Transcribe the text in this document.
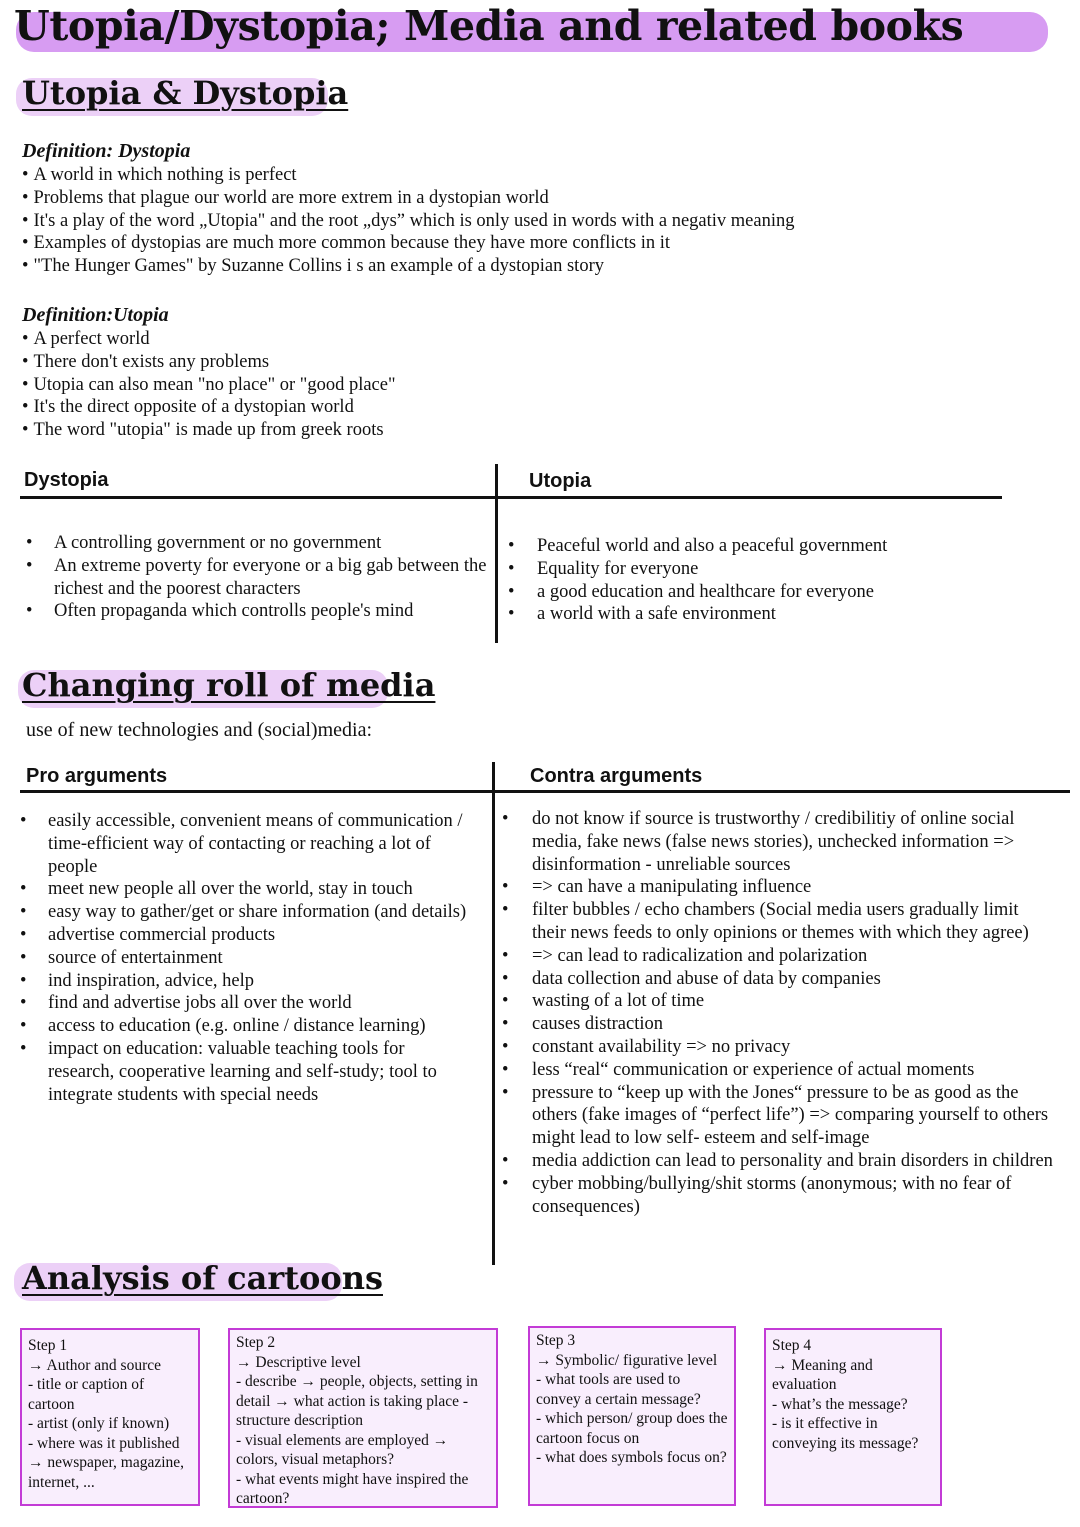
Utopia/Dystopia; Media and related books
Utopia & Dystopia
Definition: Dystopia
• A world in which nothing is perfect
• Problems that plague our world are more extrem in a dystopian world
• It's a play of the word „Utopia" and the root „dys” which is only used in words with a negativ meaning
• Examples of dystopias are much more common because they have more conflicts in it
• "The Hunger Games" by Suzanne Collins i s an example of a dystopian story
Definition:Utopia
• A perfect world
• There don't exists any problems
• Utopia can also mean "no place" or "good place"
• It's the direct opposite of a dystopian world
• The word "utopia" is made up from greek roots
Dystopia	Utopia
• A controlling government or no government
• An extreme poverty for everyone or a big gab between the richest and the poorest characters
• Often propaganda which controlls people's mind
• Peaceful world and also a peaceful government
• Equality for everyone
• a good education and healthcare for everyone
• a world with a safe environment
Changing roll of media
use of new technologies and (social)media:
Pro arguments	Contra arguments
• easily accessible, convenient means of communication / time-efficient way of contacting or reaching a lot of people
• meet new people all over the world, stay in touch
• easy way to gather/get or share information (and details)
• advertise commercial products
• source of entertainment
• ind inspiration, advice, help
• find and advertise jobs all over the world
• access to education (e.g. online / distance learning)
• impact on education: valuable teaching tools for research, cooperative learning and self-study; tool to integrate students with special needs
• do not know if source is trustworthy / credibilitiy of online social media, fake news (false news stories), unchecked information => disinformation - unreliable sources
• => can have a manipulating influence
• filter bubbles / echo chambers (Social media users gradually limit their news feeds to only opinions or themes with which they agree)
• => can lead to radicalization and polarization
• data collection and abuse of data by companies
• wasting of a lot of time
• causes distraction
• constant availability => no privacy
• less “real“ communication or experience of actual moments
• pressure to “keep up with the Jones“ pressure to be as good as the others (fake images of “perfect life”) => comparing yourself to others might lead to low self- esteem and self-image
• media addiction can lead to personality and brain disorders in children
• cyber mobbing/bullying/shit storms (anonymous; with no fear of consequences)
Analysis of cartoons
Step 1
→ Author and source
- title or caption of cartoon
- artist (only if known)
- where was it published
→ newspaper, magazine, internet, ...
Step 2
→ Descriptive level
- describe → people, objects, setting in detail → what action is taking place - structure description
- visual elements are employed → colors, visual metaphors?
- what events might have inspired the cartoon?
Step 3
→ Symbolic/ figurative level
- what tools are used to convey a certain message?
- which person/ group does the cartoon focus on
- what does symbols focus on?
Step 4
→ Meaning and evaluation
- what’s the message?
- is it effective in conveying its message?
